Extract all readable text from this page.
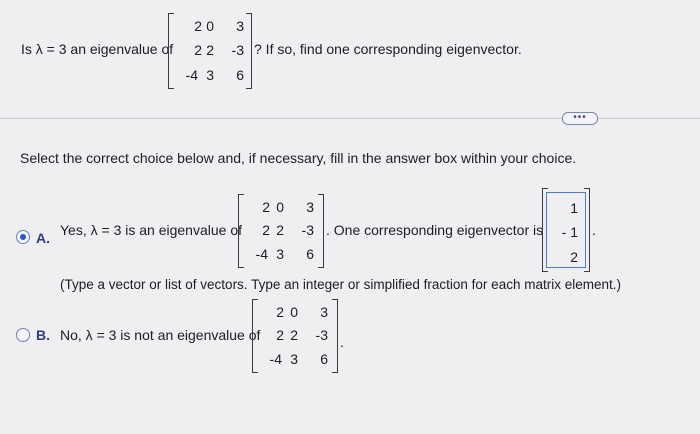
Is λ = 3 an eigenvalue of
2 0	3
2 2	-3
-4 3	6
? If so, find one corresponding eigenvector.
•••
Select the correct choice below and, if necessary, fill in the answer box within your choice.
A. Yes, λ = 3 is an eigenvalue of
2 0	3
2 2	-3
-4 3	6
. One corresponding eigenvector is
1
- 1
2
.
(Type a vector or list of vectors. Type an integer or simplified fraction for each matrix element.)
B. No, λ = 3 is not an eigenvalue of
2 0	3
2 2	-3
-4 3	6
.
